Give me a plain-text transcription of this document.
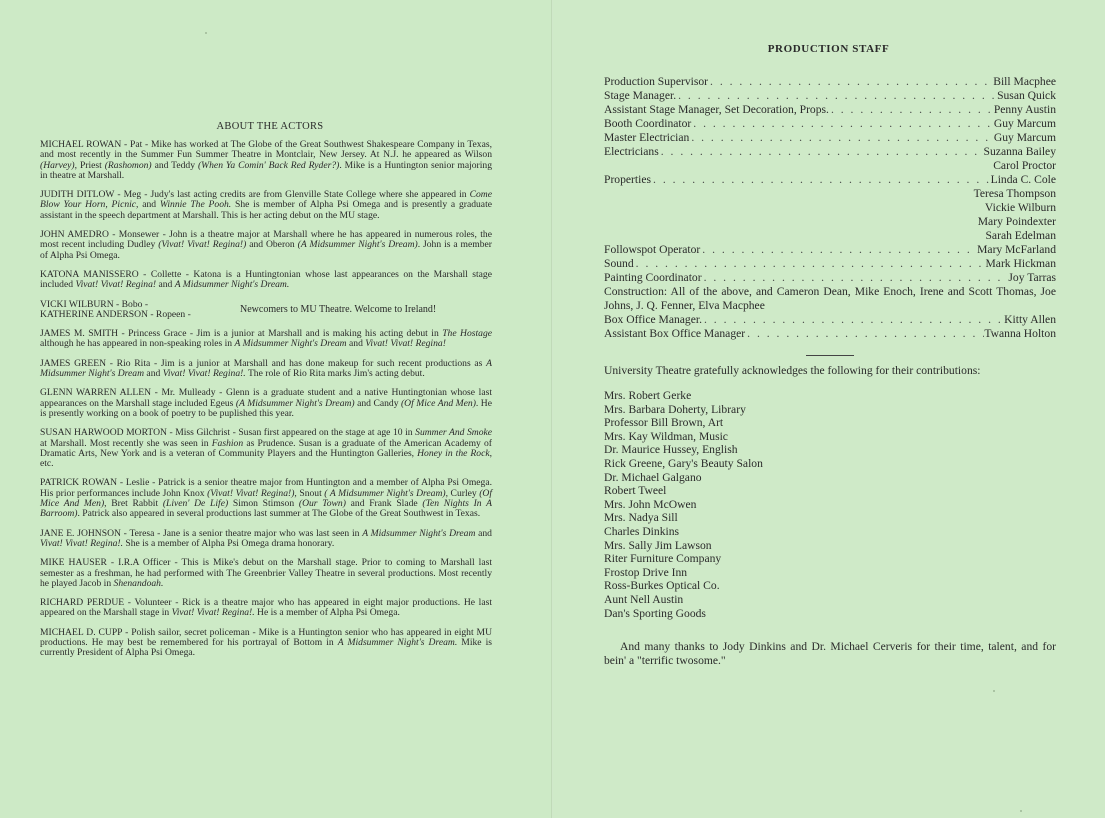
ABOUT THE ACTORS
MICHAEL ROWAN - Pat - Mike has worked at The Globe of the Great Southwest Shakespeare Company in Texas, and most recently in the Summer Fun Summer Theatre in Montclair, New Jersey. At N.J. he appeared as Wilson (Harvey), Priest (Rashomon) and Teddy (When Ya Comin' Back Red Ryder?). Mike is a Huntington senior majoring in theatre at Marshall.
JUDITH DITLOW - Meg - Judy's last acting credits are from Glenville State College where she appeared in Come Blow Your Horn, Picnic, and Winnie The Pooh. She is member of Alpha Psi Omega and is presently a graduate assistant in the speech department at Marshall. This is her acting debut on the MU stage.
JOHN AMEDRO - Monsewer - John is a theatre major at Marshall where he has appeared in numerous roles, the most recent including Dudley (Vivat! Vivat! Regina!) and Oberon (A Midsummer Night's Dream). John is a member of Alpha Psi Omega.
KATONA MANISSERO - Collette - Katona is a Huntingtonian whose last appearances on the Marshall stage included Vivat! Vivat! Regina! and A Midsummer Night's Dream.
VICKI WILBURN - Bobo -
KATHERINE ANDERSON - Ropeen -	Newcomers to MU Theatre. Welcome to Ireland!
JAMES M. SMITH - Princess Grace - Jim is a junior at Marshall and is making his acting debut in The Hostage although he has appeared in non-speaking roles in A Midsummer Night's Dream and Vivat! Vivat! Regina!
JAMES GREEN - Rio Rita - Jim is a junior at Marshall and has done makeup for such recent productions as A Midsummer Night's Dream and Vivat! Vivat! Regina!. The role of Rio Rita marks Jim's acting debut.
GLENN WARREN ALLEN - Mr. Mulleady - Glenn is a graduate student and a native Huntingtonian whose last appearances on the Marshall stage included Egeus (A Midsummer Night's Dream) and Candy (Of Mice And Men). He is presently working on a book of poetry to be puplished this year.
SUSAN HARWOOD MORTON - Miss Gilchrist - Susan first appeared on the stage at age 10 in Summer And Smoke at Marshall. Most recently she was seen in Fashion as Prudence. Susan is a graduate of the American Academy of Dramatic Arts, New York and is a veteran of Community Players and the Huntington Galleries, Honey in the Rock, etc.
PATRICK ROWAN - Leslie - Patrick is a senior theatre major from Huntington and a member of Alpha Psi Omega. His prior performances include John Knox (Vivat! Vivat! Regina!), Snout ( A Midsummer Night's Dream), Curley (Of Mice And Men), Bret Rabbit (Liven' De Life) Simon Stimson (Our Town) and Frank Slade (Ten Nights In A Barroom). Patrick also appeared in several productions last summer at The Globe of the Great Southwest in Texas.
JANE E. JOHNSON - Teresa - Jane is a senior theatre major who was last seen in A Midsummer Night's Dream and Vivat! Vivat! Regina!. She is a member of Alpha Psi Omega drama honorary.
MIKE HAUSER - I.R.A Officer - This is Mike's debut on the Marshall stage. Prior to coming to Marshall last semester as a freshman, he had performed with The Greenbrier Valley Theatre in several productions. Most recently he played Jacob in Shenandoah.
RICHARD PERDUE - Volunteer - Rick is a theatre major who has appeared in eight major productions. He last appeared on the Marshall stage in Vivat! Vivat! Regina!. He is a member of Alpha Psi Omega.
MICHAEL D. CUPP - Polish sailor, secret policeman - Mike is a Huntington senior who has appeared in eight MU productions. He may best be remembered for his portrayal of Bottom in A Midsummer Night's Dream. Mike is currently President of Alpha Psi Omega.
PRODUCTION STAFF
Production Supervisor . . .	Bill Macphee
Stage Manager. . . .	Susan Quick
Assistant Stage Manager, Set Decoration, Props. . . .	Penny Austin
Booth Coordinator . . .	Guy Marcum
Master Electrician . . .	Guy Marcum
Electricians . . .	Suzanna Bailey
Carol Proctor
Properties . . .	Linda C. Cole
Teresa Thompson
Vickie Wilburn
Mary Poindexter
Sarah Edelman
Followspot Operator . . .	Mary McFarland
Sound . . .	Mark Hickman
Painting Coordinator . . .	Joy Tarras
Construction: All of the above, and Cameron Dean, Mike Enoch, Irene and Scott Thomas, Joe Johns, J. Q. Fenner, Elva Macphee
Box Office Manager. . . .	Kitty Allen
Assistant Box Office Manager . . .	Twanna Holton
University Theatre gratefully acknowledges the following for their contributions:
Mrs. Robert Gerke
Mrs. Barbara Doherty, Library
Professor Bill Brown, Art
Mrs. Kay Wildman, Music
Dr. Maurice Hussey, English
Rick Greene, Gary's Beauty Salon
Dr. Michael Galgano
Robert Tweel
Mrs. John McOwen
Mrs. Nadya Sill
Charles Dinkins
Mrs. Sally Jim Lawson
Riter Furniture Company
Frostop Drive Inn
Ross-Burkes Optical Co.
Aunt Nell Austin
Dan's Sporting Goods
And many thanks to Jody Dinkins and Dr. Michael Cerveris for their time, talent, and for bein' a "terrific twosome."
